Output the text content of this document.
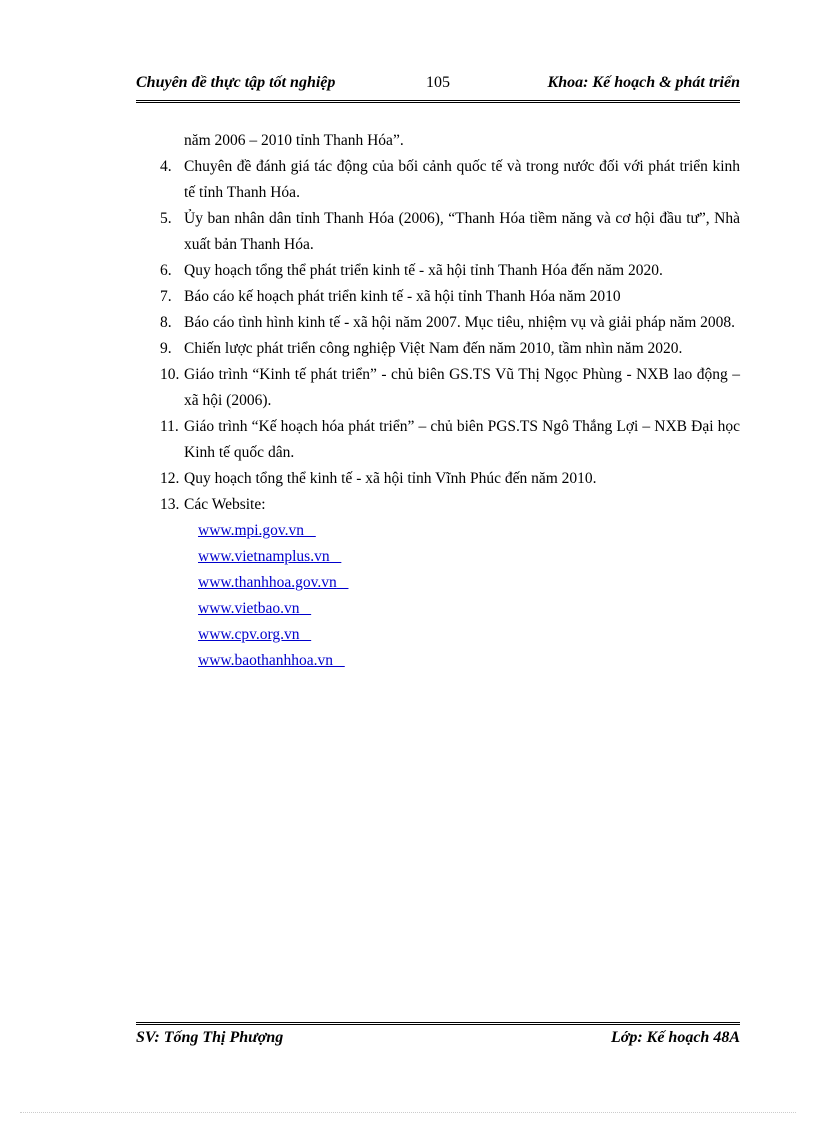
Chuyên đề thực tập tốt nghiệp	105	Khoa: Kế hoạch & phát triển
năm 2006 – 2010 tỉnh Thanh Hóa”.
4. Chuyên đề đánh giá tác động của bối cảnh quốc tế và trong nước đối với phát triển kinh tế tỉnh Thanh Hóa.
5. Ủy ban nhân dân tỉnh Thanh Hóa (2006), “Thanh Hóa tiềm năng và cơ hội đầu tư”, Nhà xuất bản Thanh Hóa.
6. Quy hoạch tổng thể phát triển kinh tế - xã hội tỉnh Thanh Hóa đến năm 2020.
7. Báo cáo kế hoạch phát triển kinh tế - xã hội tỉnh Thanh Hóa năm 2010
8. Báo cáo tình hình kinh tế - xã hội năm 2007. Mục tiêu, nhiệm vụ và giải pháp năm 2008.
9. Chiến lược phát triển công nghiệp Việt Nam đến năm 2010, tầm nhìn năm 2020.
10. Giáo trình “Kinh tế phát triển” - chủ biên GS.TS Vũ Thị Ngọc Phùng - NXB lao động – xã hội (2006).
11. Giáo trình “Kế hoạch hóa phát triển” – chủ biên PGS.TS Ngô Thắng Lợi – NXB Đại học Kinh tế quốc dân.
12. Quy hoạch tổng thể kinh tế - xã hội tỉnh Vĩnh Phúc đến năm 2010.
13. Các Website:
www.mpi.gov.vn
www.vietnamplus.vn
www.thanhhoa.gov.vn
www.vietbao.vn
www.cpv.org.vn
www.baothanhhoa.vn
SV: Tống Thị Phượng	Lớp: Kế hoạch 48A
